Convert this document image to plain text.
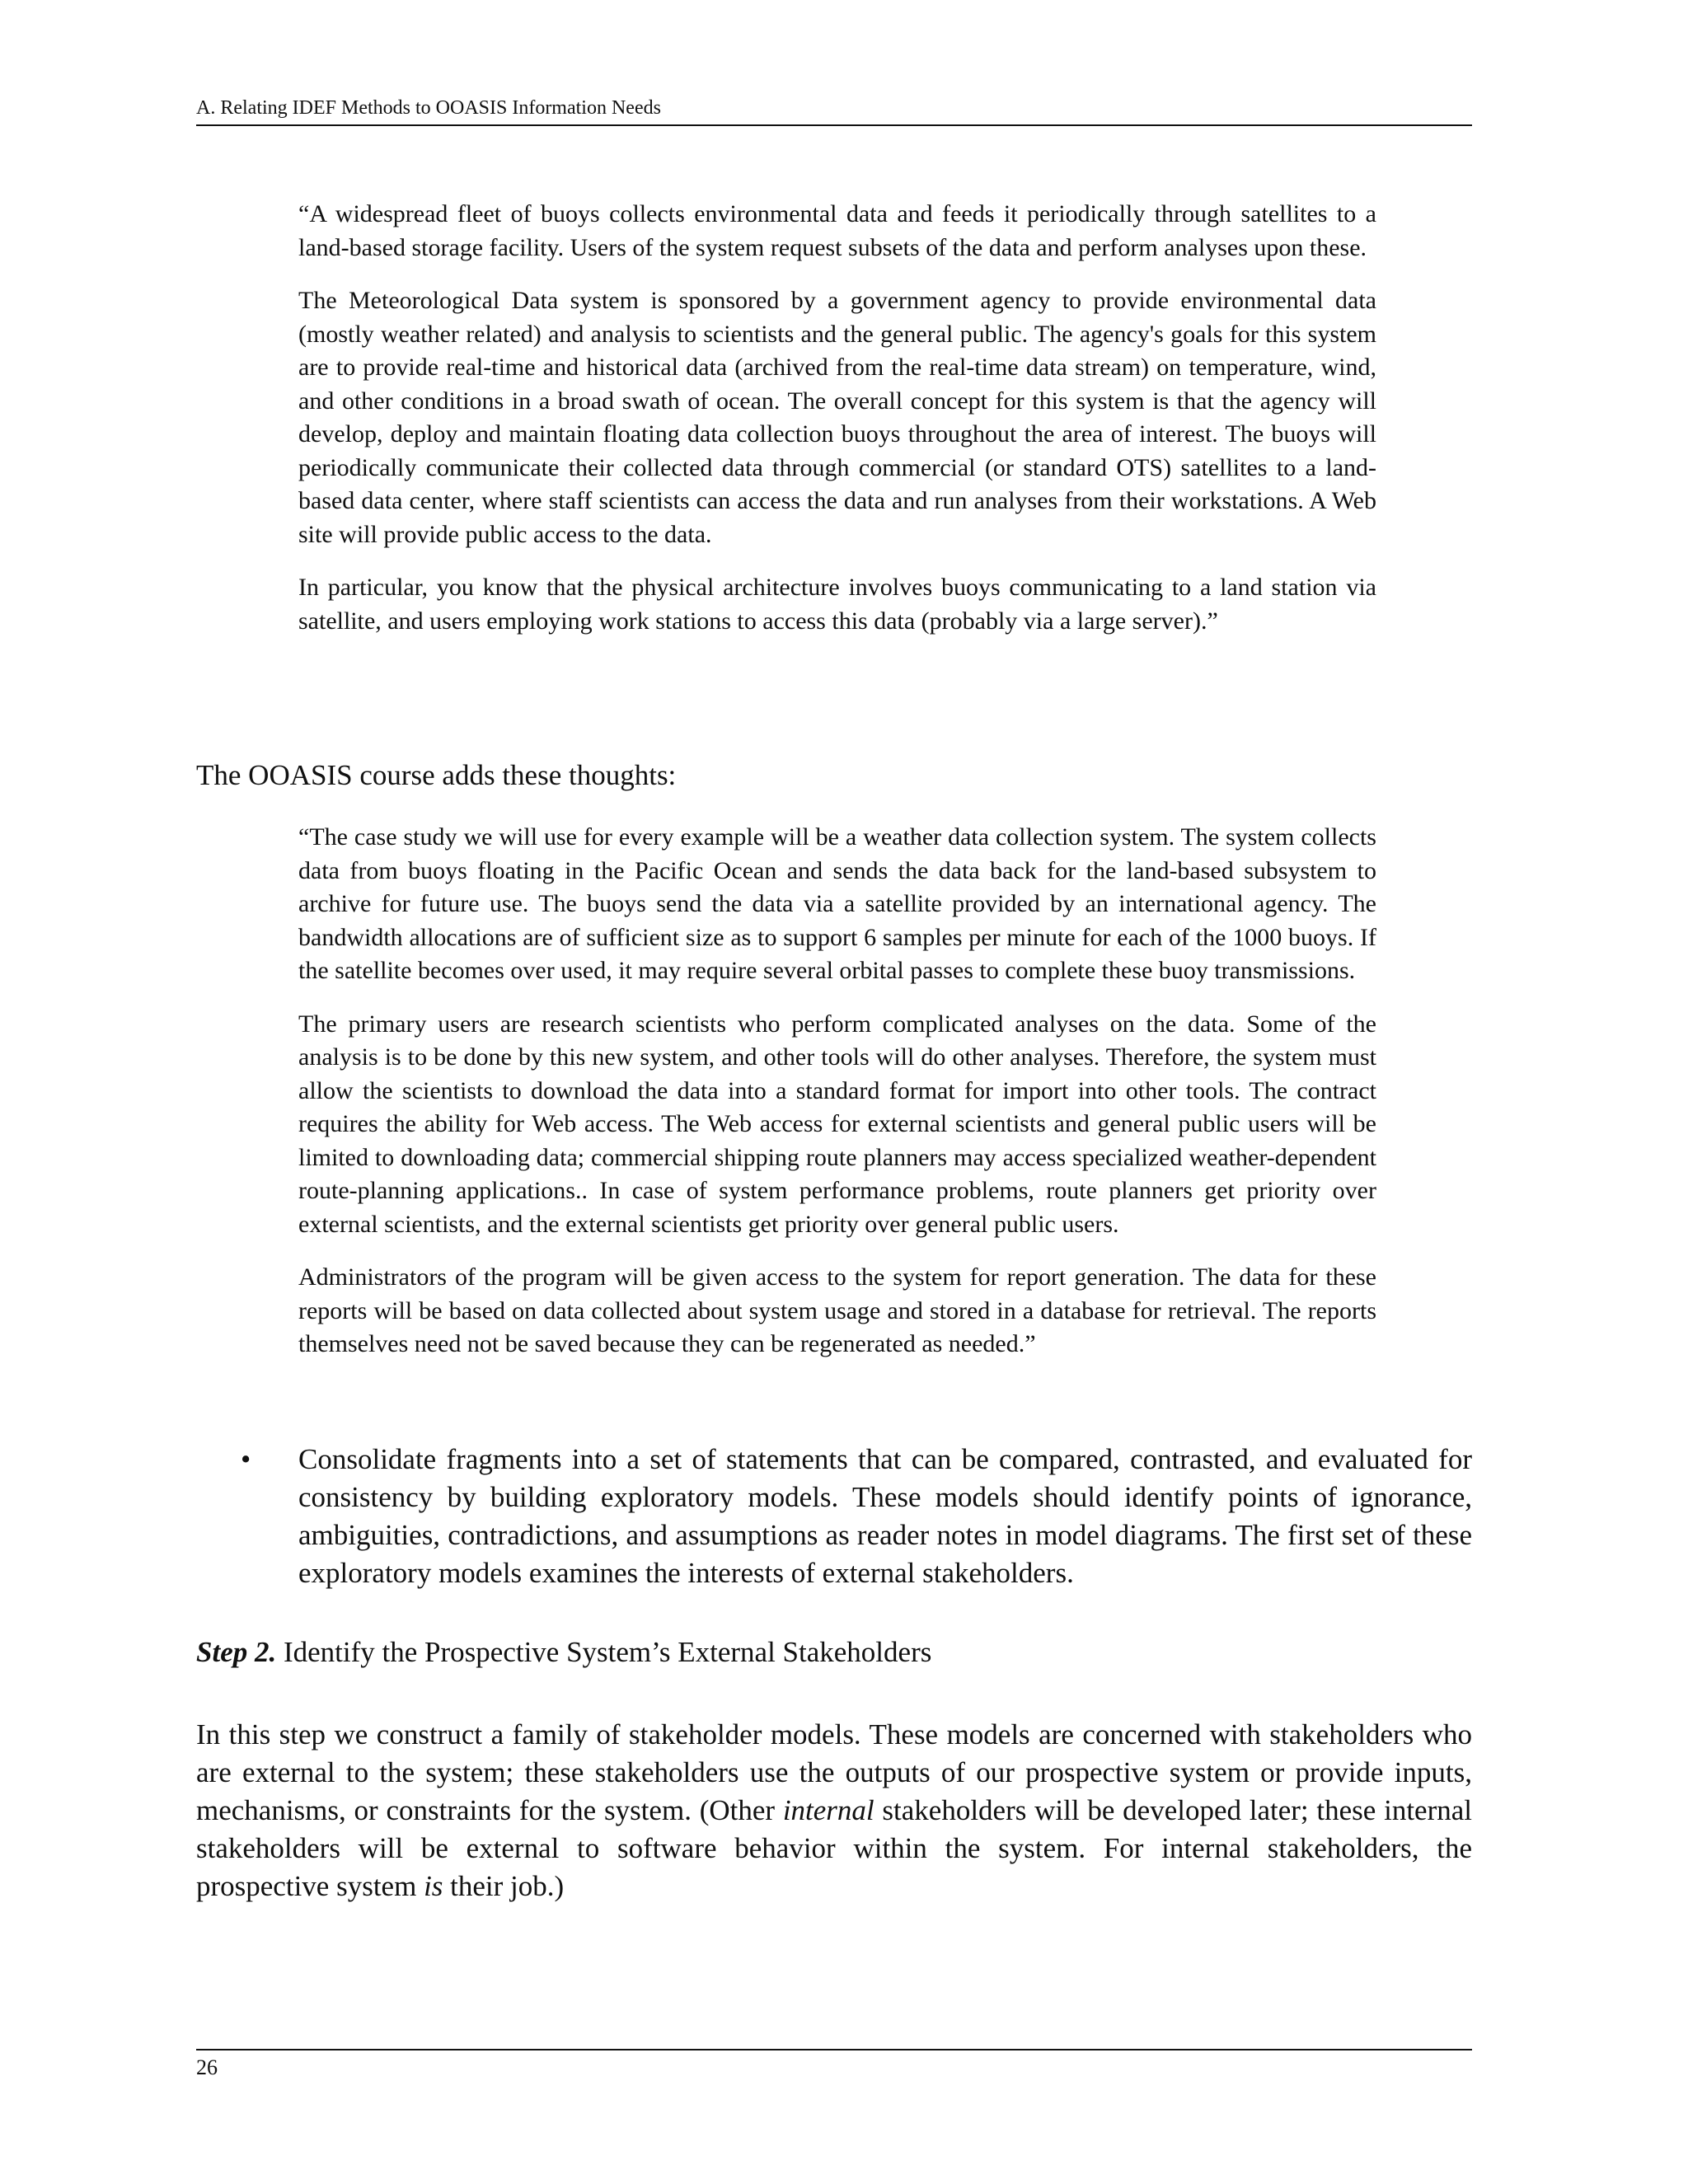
A. Relating IDEF Methods to OOASIS Information Needs

“A widespread fleet of buoys collects environmental data and feeds it periodically through satellites to a land-based storage facility. Users of the system request subsets of the data and perform analyses upon these.

The Meteorological Data system is sponsored by a government agency to provide environmental data (mostly weather related) and analysis to scientists and the general public. The agency's goals for this system are to provide real-time and historical data (archived from the real-time data stream) on temperature, wind, and other conditions in a broad swath of ocean. The overall concept for this system is that the agency will develop, deploy and maintain floating data collection buoys throughout the area of interest. The buoys will periodically communicate their collected data through commercial (or standard OTS) satellites to a land-based data center, where staff scientists can access the data and run analyses from their workstations. A Web site will provide public access to the data.

In particular, you know that the physical architecture involves buoys communicating to a land station via satellite, and users employing work stations to access this data (probably via a large server).”

The OOASIS course adds these thoughts:

“The case study we will use for every example will be a weather data collection system. The system collects data from buoys floating in the Pacific Ocean and sends the data back for the land-based subsystem to archive for future use. The buoys send the data via a satellite provided by an international agency. The bandwidth allocations are of sufficient size as to support 6 samples per minute for each of the 1000 buoys. If the satellite becomes over used, it may require several orbital passes to complete these buoy transmissions.

The primary users are research scientists who perform complicated analyses on the data. Some of the analysis is to be done by this new system, and other tools will do other analyses. Therefore, the system must allow the scientists to download the data into a standard format for import into other tools. The contract requires the ability for Web access. The Web access for external scientists and general public users will be limited to downloading data; commercial shipping route planners may access specialized weather-dependent route-planning applications.. In case of system performance problems, route planners get priority over external scientists, and the external scientists get priority over general public users.

Administrators of the program will be given access to the system for report generation. The data for these reports will be based on data collected about system usage and stored in a database for retrieval. The reports themselves need not be saved because they can be regenerated as needed.”

• Consolidate fragments into a set of statements that can be compared, contrasted, and evaluated for consistency by building exploratory models. These models should identify points of ignorance, ambiguities, contradictions, and assumptions as reader notes in model diagrams. The first set of these exploratory models examines the interests of external stakeholders.

Step 2. Identify the Prospective System’s External Stakeholders

In this step we construct a family of stakeholder models. These models are concerned with stakeholders who are external to the system; these stakeholders use the outputs of our prospective system or provide inputs, mechanisms, or constraints for the system. (Other internal stakeholders will be developed later; these internal stakeholders will be external to software behavior within the system. For internal stakeholders, the prospective system is their job.)

26
